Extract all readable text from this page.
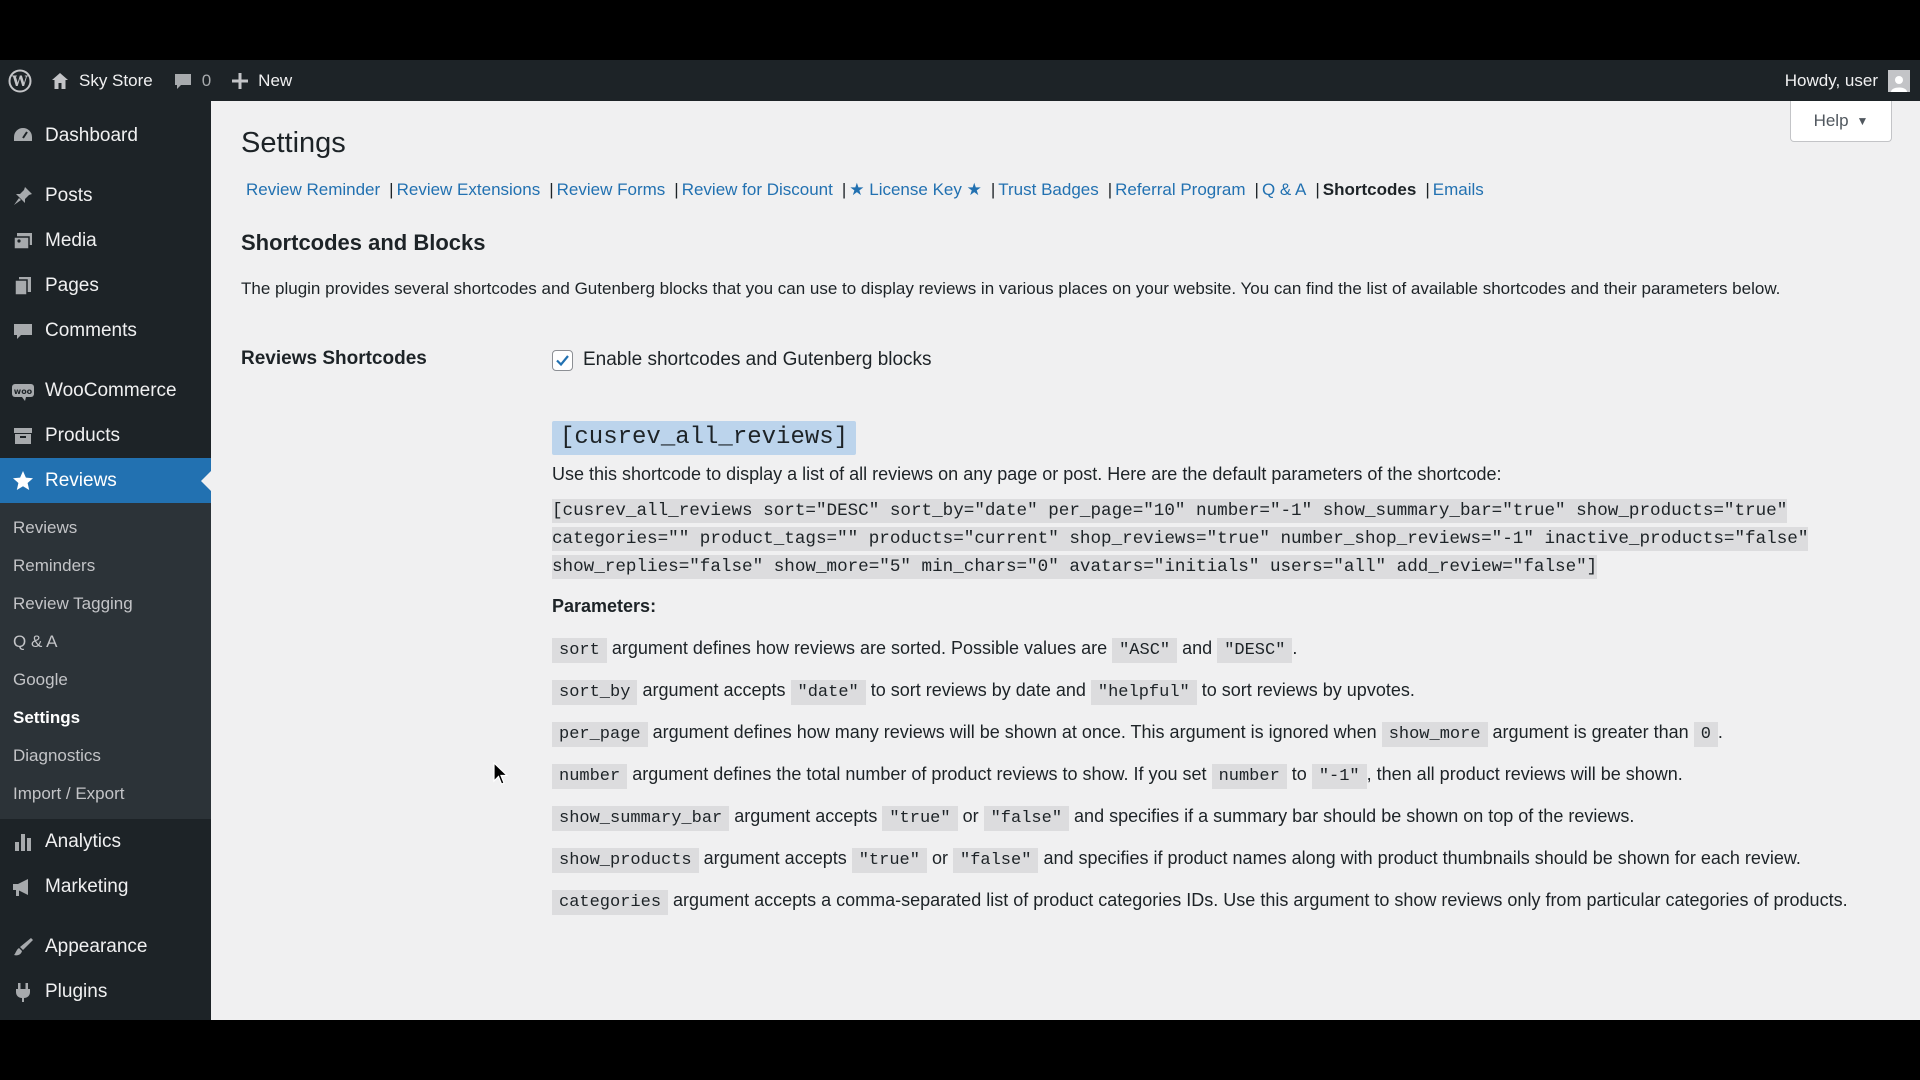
W	Sky Store	0	New	Howdy, user
Dashboard
Posts
Media
Pages
Comments
woo WooCommerce
Products
Reviews
Reviews
Reminders
Review Tagging
Q & A
Google
Settings
Diagnostics
Import / Export
Analytics
Marketing
Appearance
Plugins
Help ▼
Settings
Review Reminder | Review Extensions | Review Forms | Review for Discount | ★ License Key ★ | Trust Badges | Referral Program | Q & A | Shortcodes | Emails
Shortcodes and Blocks

The plugin provides several shortcodes and Gutenberg blocks that you can use to display reviews in various places on your website. You can find the list of available shortcodes and their parameters below.

Reviews Shortcodes	Enable shortcodes and Gutenberg blocks
[cusrev_all_reviews]

Use this shortcode to display a list of all reviews on any page or post. Here are the default parameters of the shortcode:

[cusrev_all_reviews sort="DESC" sort_by="date" per_page="10" number="-1" show_summary_bar="true" show_products="true" categories="" product_tags="" products="current" shop_reviews="true" number_shop_reviews="-1" inactive_products="false" show_replies="false" show_more="5" min_chars="0" avatars="initials" users="all" add_review="false"]

Parameters:

sort argument defines how reviews are sorted. Possible values are "ASC" and "DESC" .

sort_by argument accepts "date" to sort reviews by date and "helpful" to sort reviews by upvotes.

per_page argument defines how many reviews will be shown at once. This argument is ignored when show_more argument is greater than 0 .

number argument defines the total number of product reviews to show. If you set number to "-1" , then all product reviews will be shown.

show_summary_bar argument accepts "true" or "false" and specifies if a summary bar should be shown on top of the reviews.

show_products argument accepts "true" or "false" and specifies if product names along with product thumbnails should be shown for each review.

categories argument accepts a comma-separated list of product categories IDs. Use this argument to show reviews only from particular categories of products.
